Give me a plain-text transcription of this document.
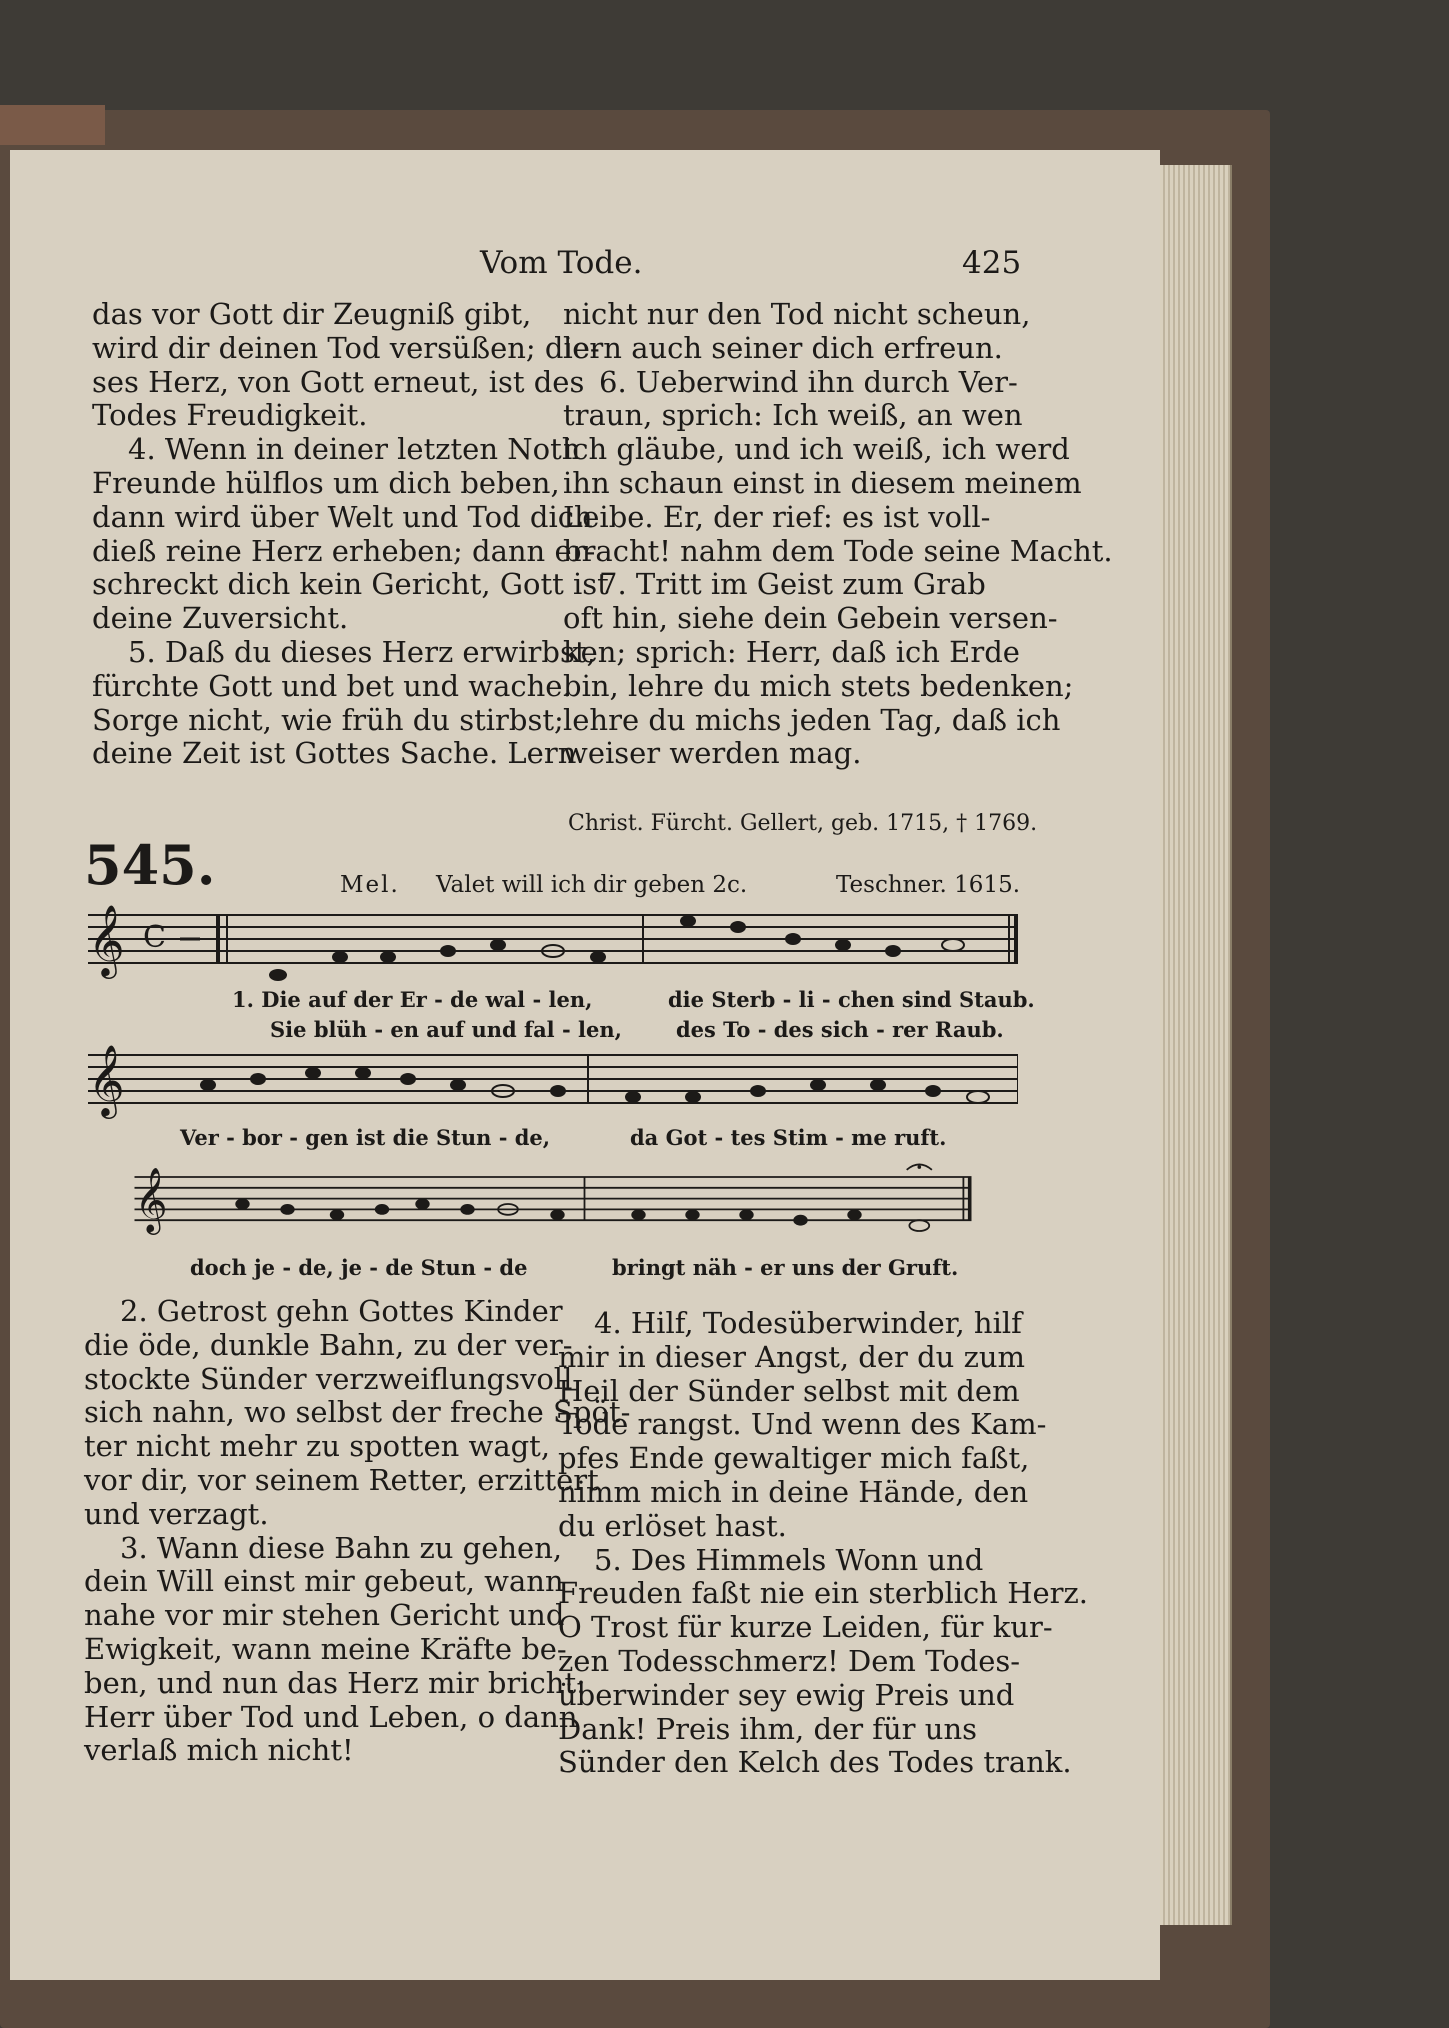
Vom Tode.	425
das vor Gott dir Zeugniß gibt,
wird dir deinen Tod versüßen; die-
ses Herz, von Gott erneut, ist des
Todes Freudigkeit.
4. Wenn in deiner letzten Noth
Freunde hülflos um dich beben,
dann wird über Welt und Tod dich
dieß reine Herz erheben; dann er-
schreckt dich kein Gericht, Gott ist
deine Zuversicht.
5. Daß du dieses Herz erwirbst,
fürchte Gott und bet und wache.
Sorge nicht, wie früh du stirbst;
deine Zeit ist Gottes Sache. Lern
nicht nur den Tod nicht scheun,
lern auch seiner dich erfreun.
6. Ueberwind ihn durch Ver-
traun, sprich: Ich weiß, an wen
ich gläube, und ich weiß, ich werd
ihn schaun einst in diesem meinem
Leibe. Er, der rief: es ist voll-
bracht! nahm dem Tode seine Macht.
7. Tritt im Geist zum Grab
oft hin, siehe dein Gebein versen-
ken; sprich: Herr, daß ich Erde
bin, lehre du mich stets bedenken;
lehre du michs jeden Tag, daß ich
weiser werden mag.
Christ. Fürcht. Gellert, geb. 1715, † 1769.
545.	Mel. Valet will ich dir geben 2c.	Teschner. 1615.
𝄞 C
1. Die auf der Er - de wal - len,	die Sterb - li - chen sind Staub.
Sie blüh - en auf und fal - len,	des To - des sich - rer Raub.
𝄞
Ver - bor - gen ist die Stun - de,	da Got - tes Stim - me ruft.
𝄞
doch je - de, je - de Stun - de	bringt näh - er uns der Gruft.
2. Getrost gehn Gottes Kinder
die öde, dunkle Bahn, zu der ver-
stockte Sünder verzweiflungsvoll
sich nahn, wo selbst der freche Spöt-
ter nicht mehr zu spotten wagt,
vor dir, vor seinem Retter, erzittert
und verzagt.
3. Wann diese Bahn zu gehen,
dein Will einst mir gebeut, wann
nahe vor mir stehen Gericht und
Ewigkeit, wann meine Kräfte be-
ben, und nun das Herz mir bricht:
Herr über Tod und Leben, o dann
verlaß mich nicht!
4. Hilf, Todesüberwinder, hilf
mir in dieser Angst, der du zum
Heil der Sünder selbst mit dem
Tode rangst. Und wenn des Kam-
pfes Ende gewaltiger mich faßt,
nimm mich in deine Hände, den
du erlöset hast.
5. Des Himmels Wonn und
Freuden faßt nie ein sterblich Herz.
O Trost für kurze Leiden, für kur-
zen Todesschmerz! Dem Todes-
überwinder sey ewig Preis und
Dank! Preis ihm, der für uns
Sünder den Kelch des Todes trank.
